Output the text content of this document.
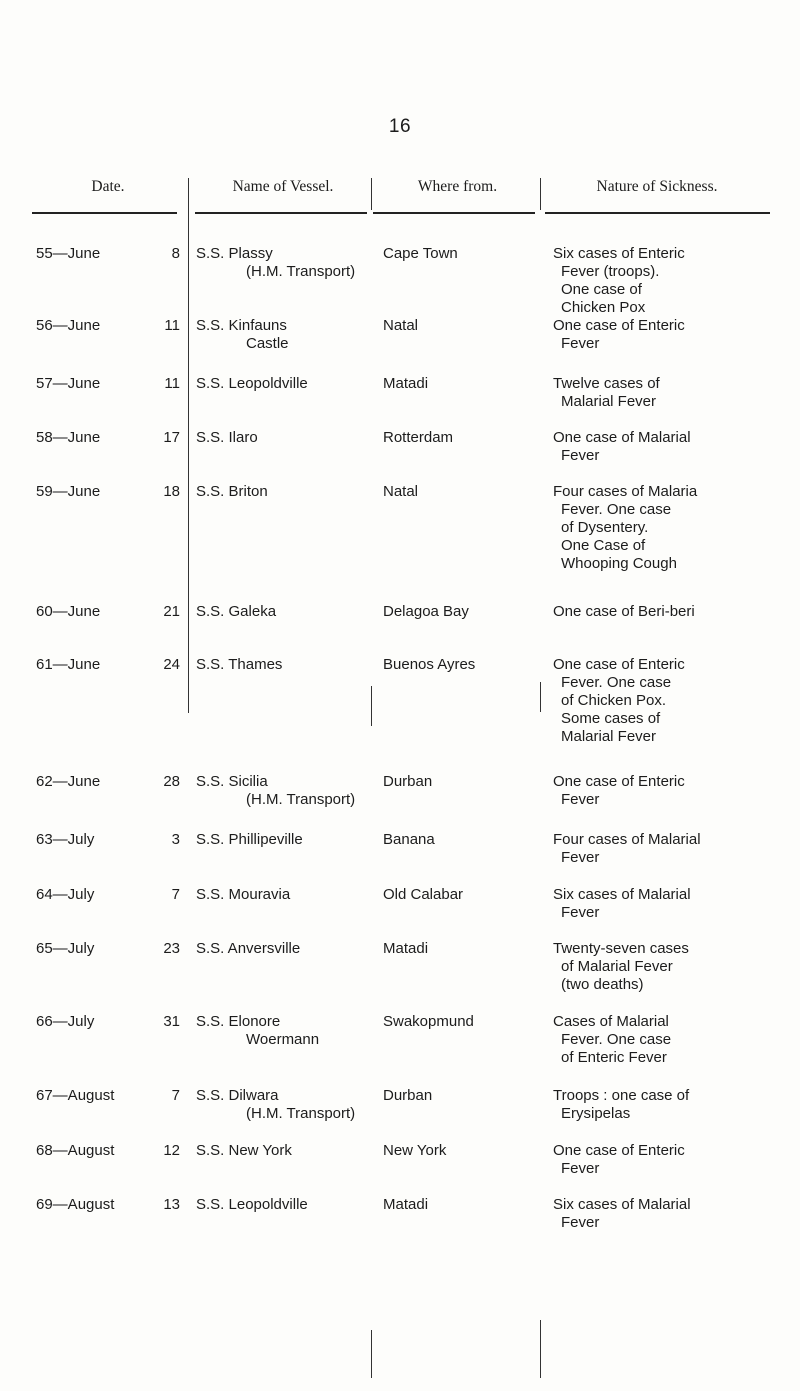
16
Date.	Name of Vessel.	Where from.	Nature of Sickness.
55—June	8 S.S. Plassy
(H.M. Transport)
Cape Town	Six cases of Enteric
Fever (troops).
One case of
Chicken Pox
56—June	11 S.S. Kinfauns
Castle
Natal	One case of Enteric
Fever
57—June	11 S.S. Leopoldville	Matadi	Twelve cases of
Malarial Fever
58—June	17 S.S. Ilaro	Rotterdam	One case of Malarial
Fever
59—June	18 S.S. Briton	Natal	Four cases of Malaria
Fever. One case
of Dysentery.
One Case of
Whooping Cough
60—June	21 S.S. Galeka	Delagoa Bay	One case of Beri-beri
61—June	24 S.S. Thames	Buenos Ayres	One case of Enteric
Fever. One case
of Chicken Pox.
Some cases of
Malarial Fever
62—June	28 S.S. Sicilia
(H.M. Transport)
Durban	One case of Enteric
Fever
63—July	3 S.S. Phillipeville	Banana	Four cases of Malarial
Fever
64—July	7 S.S. Mouravia	Old Calabar	Six cases of Malarial
Fever
65—July	23 S.S. Anversville	Matadi	Twenty-seven cases
of Malarial Fever
(two deaths)
66—July	31 S.S. Elonore
Woermann
Swakopmund	Cases of Malarial
Fever. One case
of Enteric Fever
67—August	7 S.S. Dilwara
(H.M. Transport)
Durban	Troops : one case of
Erysipelas
68—August	12 S.S. New York	New York	One case of Enteric
Fever
69—August	13 S.S. Leopoldville	Matadi	Six cases of Malarial
Fever
